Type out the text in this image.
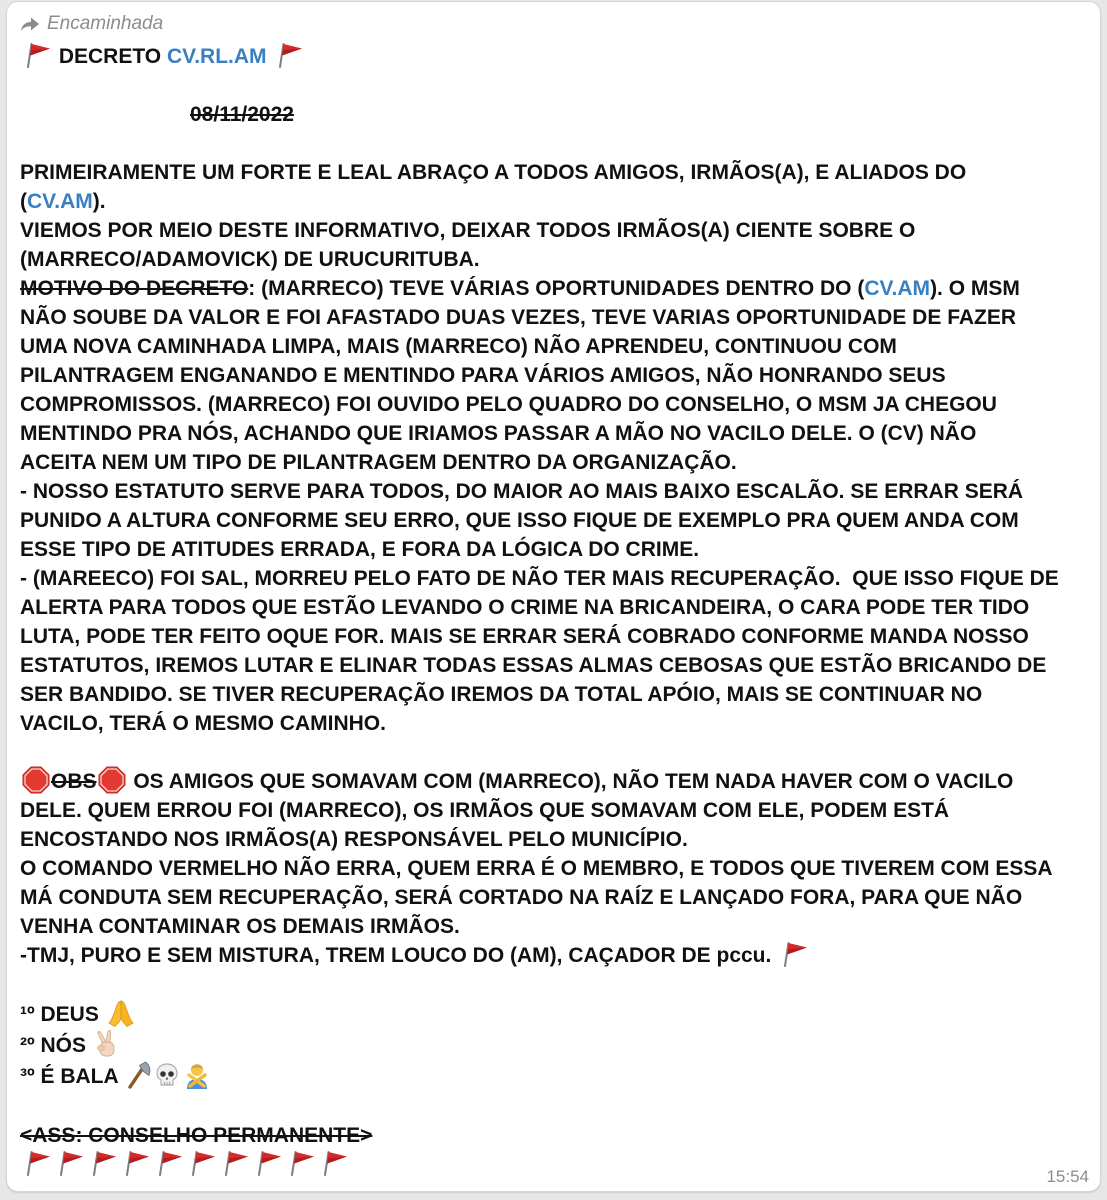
Encaminhada
DECRETO CV.RL.AM
08/11/2022
PRIMEIRAMENTE UM FORTE E LEAL ABRAÇO A TODOS AMIGOS, IRMÃOS(A), E ALIADOS DO
(CV.AM).
VIEMOS POR MEIO DESTE INFORMATIVO, DEIXAR TODOS IRMÃOS(A) CIENTE SOBRE O
(MARRECO/ADAMOVICK) DE URUCURITUBA.
MOTIVO DO DECRETO: (MARRECO) TEVE VÁRIAS OPORTUNIDADES DENTRO DO (CV.AM). O MSM
NÃO SOUBE DA VALOR E FOI AFASTADO DUAS VEZES, TEVE VARIAS OPORTUNIDADE DE FAZER
UMA NOVA CAMINHADA LIMPA, MAIS (MARRECO) NÃO APRENDEU, CONTINUOU COM
PILANTRAGEM ENGANANDO E MENTINDO PARA VÁRIOS AMIGOS, NÃO HONRANDO SEUS
COMPROMISSOS. (MARRECO) FOI OUVIDO PELO QUADRO DO CONSELHO, O MSM JA CHEGOU
MENTINDO PRA NÓS, ACHANDO QUE IRIAMOS PASSAR A MÃO NO VACILO DELE. O (CV) NÃO
ACEITA NEM UM TIPO DE PILANTRAGEM DENTRO DA ORGANIZAÇÃO.
- NOSSO ESTATUTO SERVE PARA TODOS, DO MAIOR AO MAIS BAIXO ESCALÃO. SE ERRAR SERÁ
PUNIDO A ALTURA CONFORME SEU ERRO, QUE ISSO FIQUE DE EXEMPLO PRA QUEM ANDA COM
ESSE TIPO DE ATITUDES ERRADA, E FORA DA LÓGICA DO CRIME.
- (MAREECO) FOI SAL, MORREU PELO FATO DE NÃO TER MAIS RECUPERAÇÃO.  QUE ISSO FIQUE DE
ALERTA PARA TODOS QUE ESTÃO LEVANDO O CRIME NA BRICANDEIRA, O CARA PODE TER TIDO
LUTA, PODE TER FEITO OQUE FOR. MAIS SE ERRAR SERÁ COBRADO CONFORME MANDA NOSSO
ESTATUTOS, IREMOS LUTAR E ELINAR TODAS ESSAS ALMAS CEBOSAS QUE ESTÃO BRICANDO DE
SER BANDIDO. SE TIVER RECUPERAÇÃO IREMOS DA TOTAL APÓIO, MAIS SE CONTINUAR NO
VACILO, TERÁ O MESMO CAMINHO.
OBS
OS AMIGOS QUE SOMAVAM COM (MARRECO), NÃO TEM NADA HAVER COM O VACILO
DELE. QUEM ERROU FOI (MARRECO), OS IRMÃOS QUE SOMAVAM COM ELE, PODEM ESTÁ
ENCOSTANDO NOS IRMÃOS(A) RESPONSÁVEL PELO MUNICÍPIO.
O COMANDO VERMELHO NÃO ERRA, QUEM ERRA É O MEMBRO, E TODOS QUE TIVEREM COM ESSA
MÁ CONDUTA SEM RECUPERAÇÃO, SERÁ CORTADO NA RAÍZ E LANÇADO FORA, PARA QUE NÃO
VENHA CONTAMINAR OS DEMAIS IRMÃOS.
-TMJ, PURO E SEM MISTURA, TREM LOUCO DO (AM), CAÇADOR DE pccu.
¹º DEUS
²º NÓS
³º É BALA
<ASS: CONSELHO PERMANENTE>
15:54
